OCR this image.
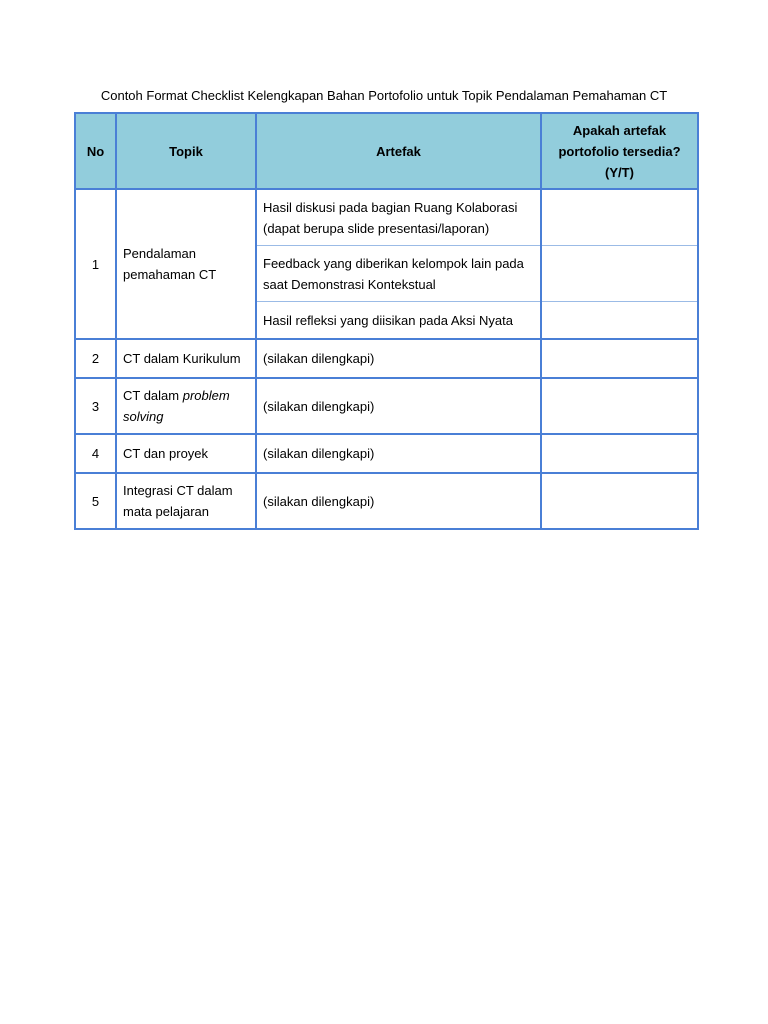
Contoh Format Checklist Kelengkapan Bahan Portofolio untuk Topik Pendalaman Pemahaman CT
No	Topik	Artefak	Apakah artefak portofolio tersedia? (Y/T)
1	Pendalaman pemahaman CT	Hasil diskusi pada bagian Ruang Kolaborasi (dapat berupa slide presentasi/laporan)	
		Feedback yang diberikan kelompok lain pada saat Demonstrasi Kontekstual	
		Hasil refleksi yang diisikan pada Aksi Nyata	
2	CT dalam Kurikulum	(silakan dilengkapi)	
3	CT dalam problem solving	(silakan dilengkapi)	
4	CT dan proyek	(silakan dilengkapi)	
5	Integrasi CT dalam mata pelajaran	(silakan dilengkapi)	
